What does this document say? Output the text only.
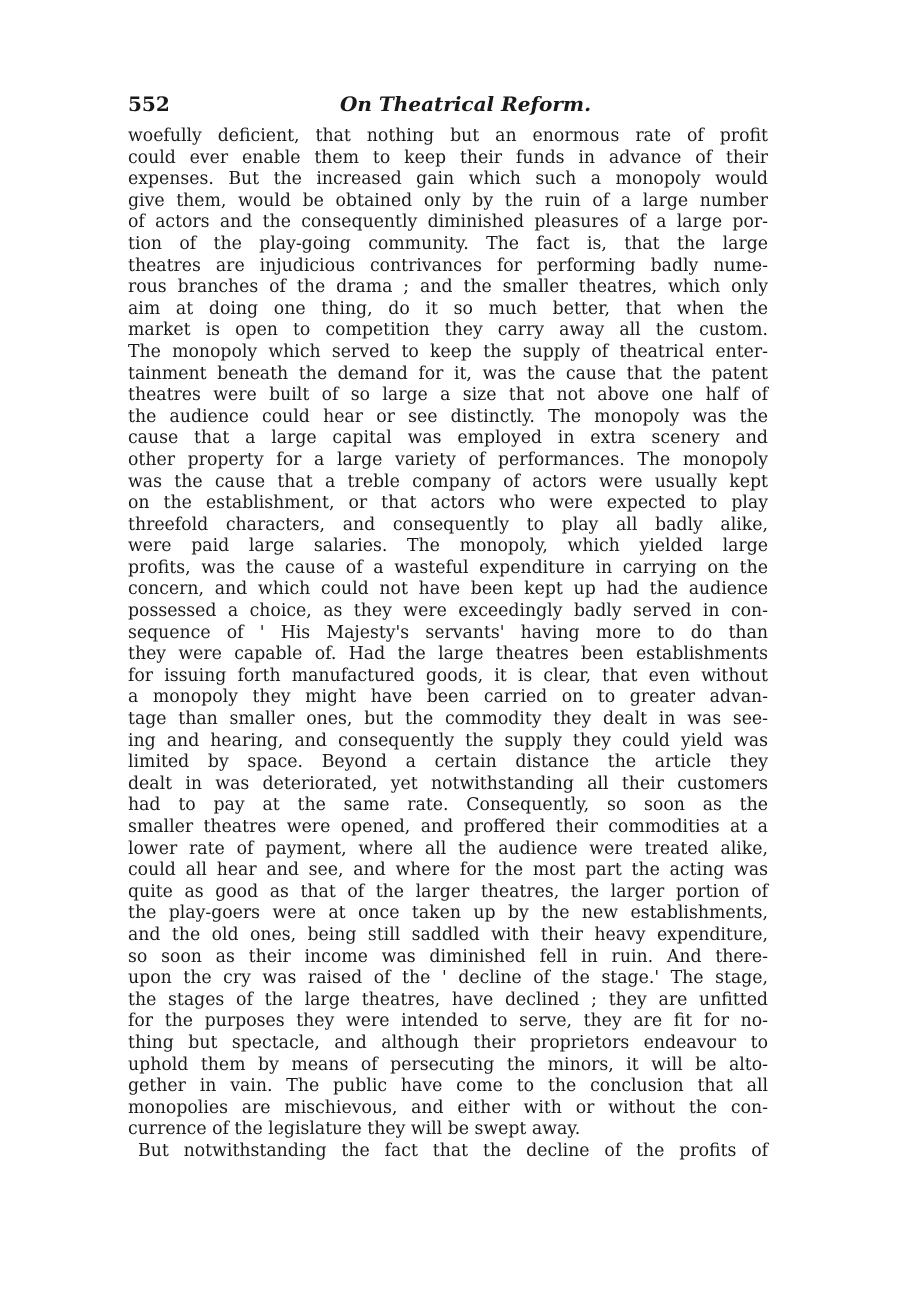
552	On Theatrical Reform.
woefully deficient, that nothing but an enormous rate of profit
could ever enable them to keep their funds in advance of their
expenses. But the increased gain which such a monopoly would
give them, would be obtained only by the ruin of a large number
of actors and the consequently diminished pleasures of a large por-
tion of the play-going community. The fact is, that the large
theatres are injudicious contrivances for performing badly nume-
rous branches of the drama ; and the smaller theatres, which only
aim at doing one thing, do it so much better, that when the
market is open to competition they carry away all the custom.
The monopoly which served to keep the supply of theatrical enter-
tainment beneath the demand for it, was the cause that the patent
theatres were built of so large a size that not above one half of
the audience could hear or see distinctly. The monopoly was the
cause that a large capital was employed in extra scenery and
other property for a large variety of performances. The monopoly
was the cause that a treble company of actors were usually kept
on the establishment, or that actors who were expected to play
threefold characters, and consequently to play all badly alike,
were paid large salaries. The monopoly, which yielded large
profits, was the cause of a wasteful expenditure in carrying on the
concern, and which could not have been kept up had the audience
possessed a choice, as they were exceedingly badly served in con-
sequence of ' His Majesty's servants' having more to do than
they were capable of. Had the large theatres been establishments
for issuing forth manufactured goods, it is clear, that even without
a monopoly they might have been carried on to greater advan-
tage than smaller ones, but the commodity they dealt in was see-
ing and hearing, and consequently the supply they could yield was
limited by space. Beyond a certain distance the article they
dealt in was deteriorated, yet notwithstanding all their customers
had to pay at the same rate. Consequently, so soon as the
smaller theatres were opened, and proffered their commodities at a
lower rate of payment, where all the audience were treated alike,
could all hear and see, and where for the most part the acting was
quite as good as that of the larger theatres, the larger portion of
the play-goers were at once taken up by the new establishments,
and the old ones, being still saddled with their heavy expenditure,
so soon as their income was diminished fell in ruin. And there-
upon the cry was raised of the ' decline of the stage.' The stage,
the stages of the large theatres, have declined ; they are unfitted
for the purposes they were intended to serve, they are fit for no-
thing but spectacle, and although their proprietors endeavour to
uphold them by means of persecuting the minors, it will be alto-
gether in vain. The public have come to the conclusion that all
monopolies are mischievous, and either with or without the con-
currence of the legislature they will be swept away.
But notwithstanding the fact that the decline of the profits of
